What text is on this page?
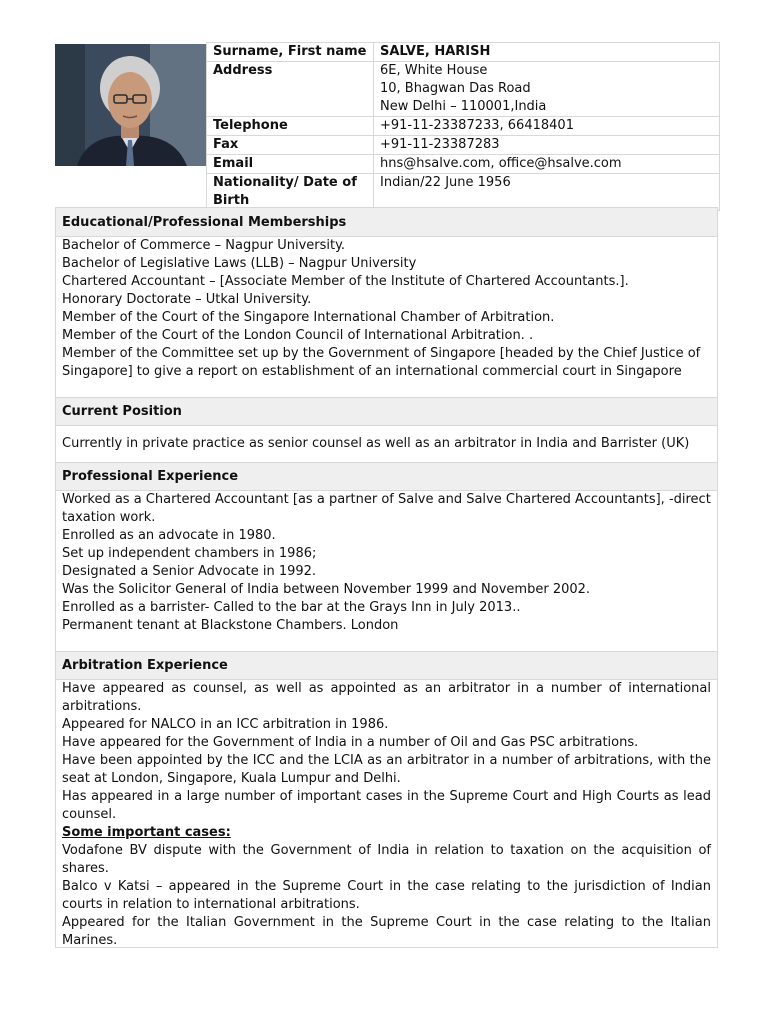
Surname, First name	SALVE, HARISH
Address	6E, White House
10, Bhagwan Das Road
New Delhi – 110001,India

Telephone	+91-11-23387233, 66418401
Fax	+91-11-23387283
Email	hns@hsalve.com, office@hsalve.com
Nationality/ Date of Birth	Indian/22 June 1956
Educational/Professional Memberships
Bachelor of Commerce – Nagpur University.
Bachelor of Legislative Laws (LLB) – Nagpur University
Chartered Accountant – [Associate Member of the Institute of Chartered Accountants.].
Honorary Doctorate – Utkal University.
Member of the Court of the Singapore International Chamber of Arbitration.
Member of the Court of the London Council of International Arbitration. .
Member of the Committee set up by the Government of Singapore [headed by the Chief Justice of Singapore] to give a report on establishment of an international commercial court in Singapore
Current Position
Currently in private practice as senior counsel as well as an arbitrator in India and Barrister (UK)
Professional Experience
Worked as a Chartered Accountant [as a partner of Salve and Salve Chartered Accountants], -direct taxation work.
Enrolled as an advocate in 1980.
Set up independent chambers in 1986;
Designated a Senior Advocate in 1992.
Was the Solicitor General of India between November 1999 and November 2002.
Enrolled as a barrister- Called to the bar at the Grays Inn in July 2013..
Permanent tenant at Blackstone Chambers. London
Arbitration Experience
Have appeared as counsel, as well as appointed as an arbitrator in a number of international arbitrations.
Appeared for NALCO in an ICC arbitration in 1986.
Have appeared for the Government of India in a number of Oil and Gas PSC arbitrations.
Have been appointed by the ICC and the LCIA as an arbitrator in a number of arbitrations, with the seat at London, Singapore, Kuala Lumpur and Delhi.
Has appeared in a large number of important cases in the Supreme Court and High Courts as lead counsel.
Some important cases:
Vodafone BV dispute with the Government of India in relation to taxation on the acquisition of shares.
Balco v Katsi – appeared in the Supreme Court in the case relating to the jurisdiction of Indian courts in relation to international arbitrations.
Appeared for the Italian Government in the Supreme Court in the case relating to the Italian Marines.
